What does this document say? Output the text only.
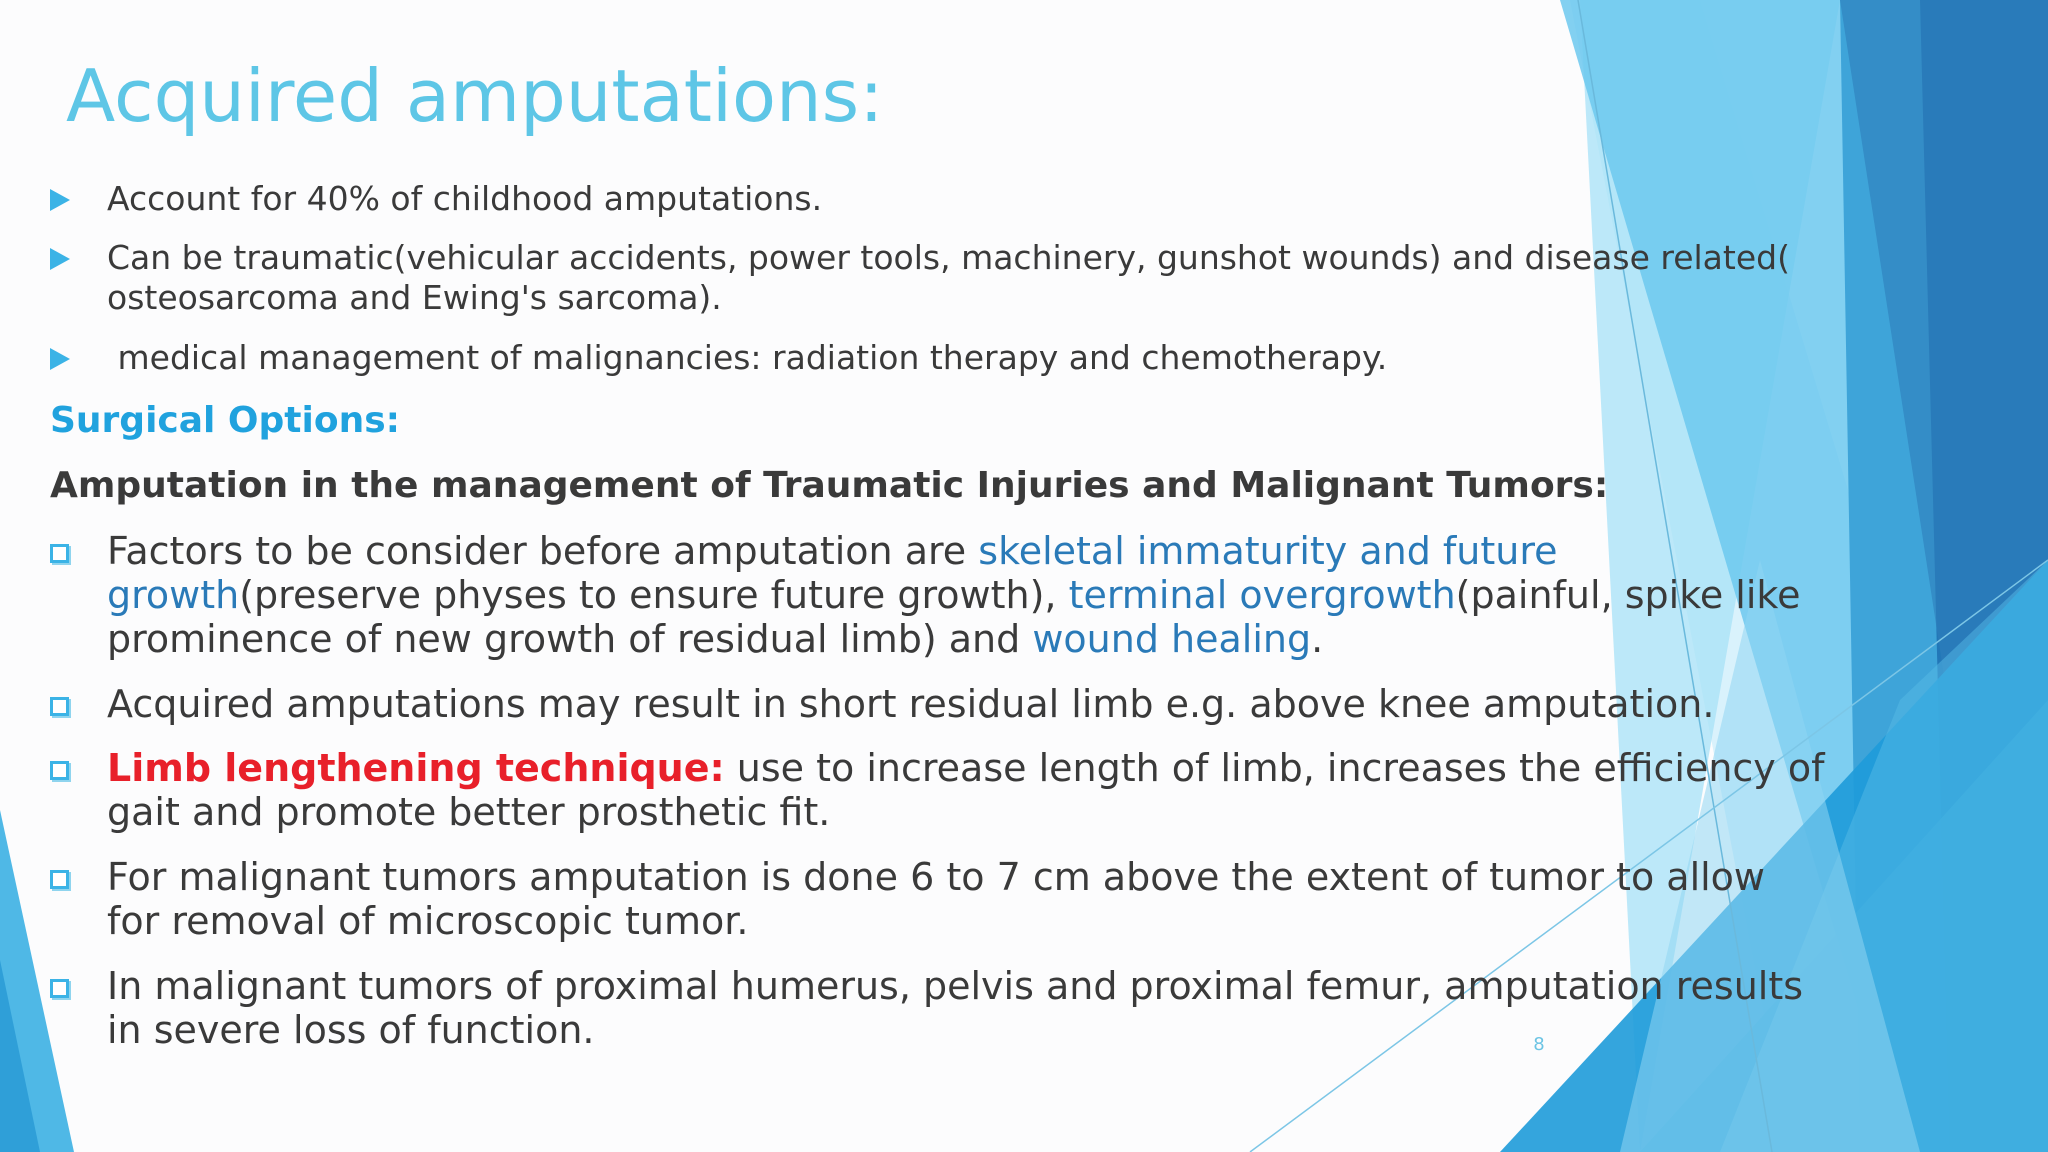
Acquired amputations:
Account for 40% of childhood amputations.
Can be traumatic(vehicular accidents, power tools, machinery, gunshot wounds) and disease related(
osteosarcoma and Ewing's sarcoma).
medical management of malignancies: radiation therapy and chemotherapy.
Surgical Options:
Amputation in the management of Traumatic Injuries and Malignant Tumors:
Factors to be consider before amputation are skeletal immaturity and future growth(preserve physes to ensure future growth), terminal overgrowth(painful, spike like prominence of new growth of residual limb) and wound healing.
Acquired amputations may result in short residual limb e.g. above knee amputation.
Limb lengthening technique: use to increase length of limb, increases the efficiency of gait and promote better prosthetic fit.
For malignant tumors amputation is done 6 to 7 cm above the extent of tumor to allow for removal of microscopic tumor.
In malignant tumors of proximal humerus, pelvis and proximal femur, amputation results in severe loss of function.	8
